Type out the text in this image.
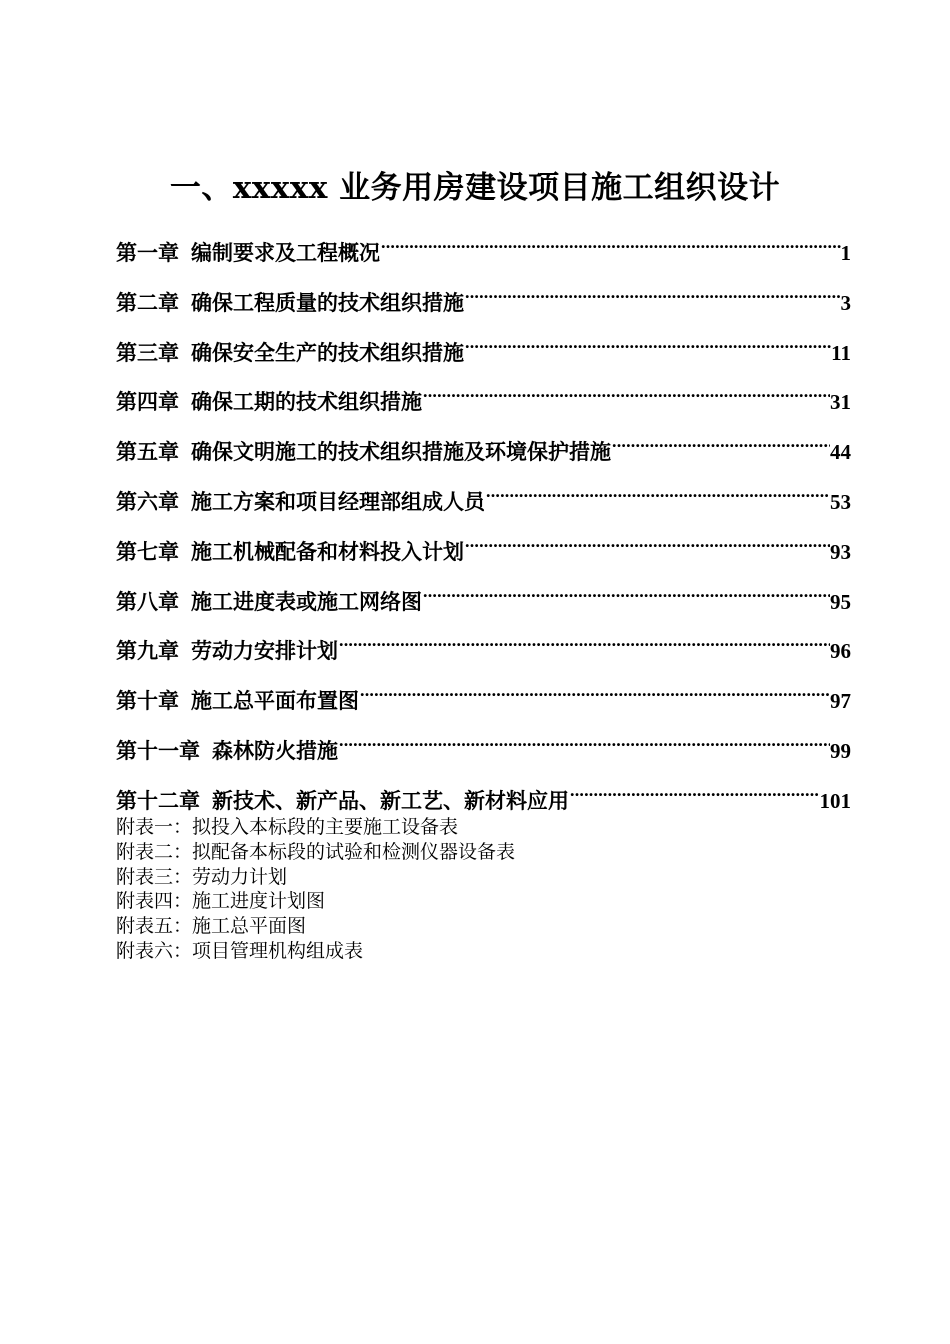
一、xxxxx 业务用房建设项目施工组织设计
第一章 编制要求及工程概况 .....	1
第二章 确保工程质量的技术组织措施 .....	3
第三章 确保安全生产的技术组织措施 .....	11
第四章 确保工期的技术组织措施 .....	31
第五章 确保文明施工的技术组织措施及环境保护措施 .....	44
第六章 施工方案和项目经理部组成人员 .....	53
第七章 施工机械配备和材料投入计划 .....	93
第八章 施工进度表或施工网络图 .....	95
第九章 劳动力安排计划 .....	96
第十章 施工总平面布置图 .....	97
第十一章 森林防火措施 .....	99
第十二章 新技术、新产品、新工艺、新材料应用 .....	101
附表一：拟投入本标段的主要施工设备表
附表二：拟配备本标段的试验和检测仪器设备表
附表三：劳动力计划
附表四：施工进度计划图
附表五：施工总平面图
附表六：项目管理机构组成表
